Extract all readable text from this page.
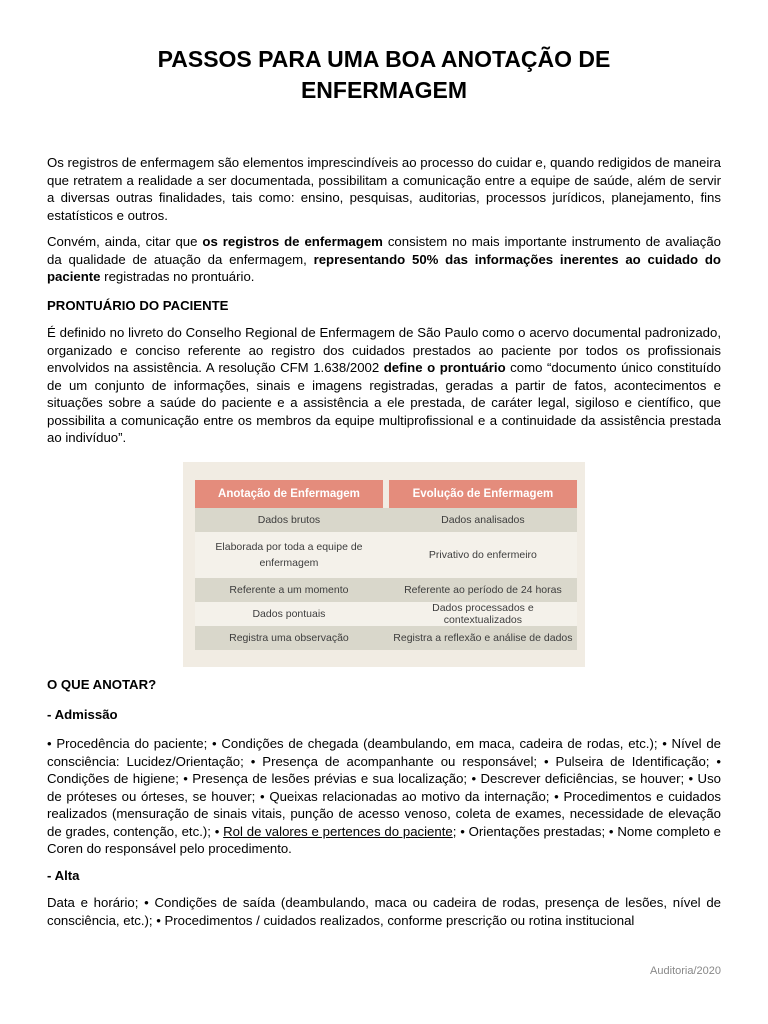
PASSOS PARA UMA BOA ANOTAÇÃO DE
ENFERMAGEM

Os registros de enfermagem são elementos imprescindíveis ao processo do cuidar e, quando redigidos de maneira que retratem a realidade a ser documentada, possibilitam a comunicação entre a equipe de saúde, além de servir a diversas outras finalidades, tais como: ensino, pesquisas, auditorias, processos jurídicos, planejamento, fins estatísticos e outros.

Convém, ainda, citar que os registros de enfermagem consistem no mais importante instrumento de avaliação da qualidade de atuação da enfermagem, representando 50% das informações inerentes ao cuidado do paciente registradas no prontuário.

PRONTUÁRIO DO PACIENTE

É definido no livreto do Conselho Regional de Enfermagem de São Paulo como o acervo documental padronizado, organizado e conciso referente ao registro dos cuidados prestados ao paciente por todos os profissionais envolvidos na assistência. A resolução CFM 1.638/2002 define o prontuário como “documento único constituído de um conjunto de informações, sinais e imagens registradas, geradas a partir de fatos, acontecimentos e situações sobre a saúde do paciente e a assistência a ele prestada, de caráter legal, sigiloso e científico, que possibilita a comunicação entre os membros da equipe multiprofissional e a continuidade da assistência prestada ao indivíduo”.

Anotação de Enfermagem		Evolução de Enfermagem
Dados brutos		Dados analisados
Elaborada por toda a equipe de enfermagem		Privativo do enfermeiro
Referente a um momento		Referente ao período de 24 horas
Dados pontuais		Dados processados e contextualizados
Registra uma observação		Registra a reflexão e análise de dados

O QUE ANOTAR?

- Admissão

• Procedência do paciente; • Condições de chegada (deambulando, em maca, cadeira de rodas, etc.); • Nível de consciência: Lucidez/Orientação; • Presença de acompanhante ou responsável; • Pulseira de Identificação; • Condições de higiene; • Presença de lesões prévias e sua localização; • Descrever deficiências, se houver; • Uso de próteses ou órteses, se houver; • Queixas relacionadas ao motivo da internação; • Procedimentos e cuidados realizados (mensuração de sinais vitais, punção de acesso venoso, coleta de exames, necessidade de elevação de grades, contenção, etc.); • Rol de valores e pertences do paciente; • Orientações prestadas; • Nome completo e Coren do responsável pelo procedimento.

- Alta

Data e horário; • Condições de saída (deambulando, maca ou cadeira de rodas, presença de lesões, nível de consciência, etc.); • Procedimentos / cuidados realizados, conforme prescrição ou rotina institucional

Auditoria/2020
